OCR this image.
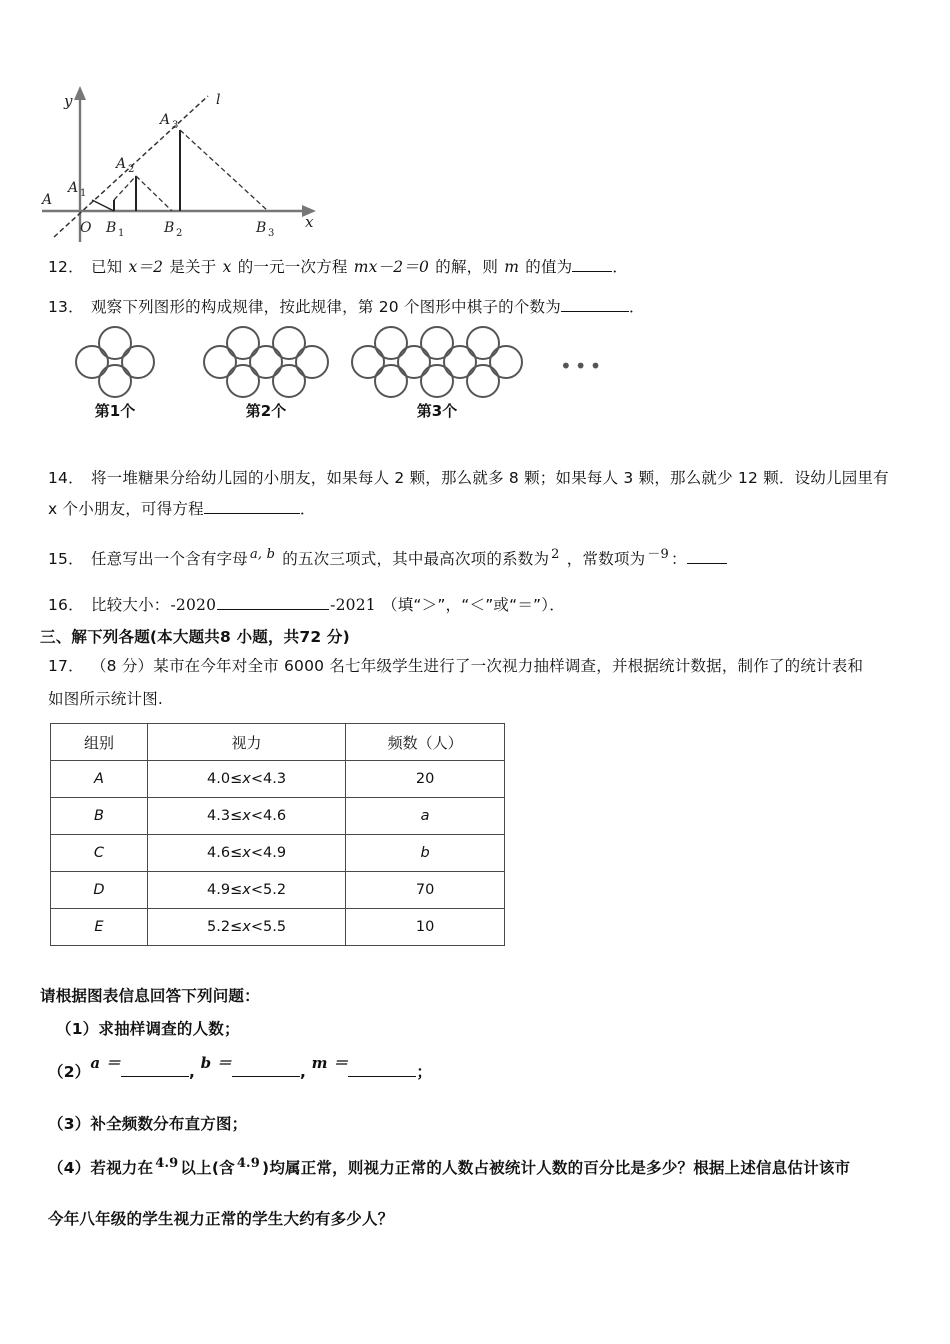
y
x
l
O
A
A 1
A 2
A 3
B 1	B 2	B 3
12． 已知 x＝2 是关于 x 的一元一次方程 mx－2＝0 的解，则 m 的值为	．
13． 观察下列图形的构成规律，按此规律，第 20 个图形中棋子的个数为	．
第1个	第2个	第3个
•••
14． 将一堆糖果分给幼儿园的小朋友，如果每人 2 颗，那么就多 8 颗；如果每人 3 颗，那么就少 12 颗．设幼儿园里有
x 个小朋友，可得方程	．
15． 任意写出一个含有字母 $^{a, b}$ 的五次三项式，其中最高次项的系数为 $^2$ ，常数项为 $^{-9}$ ：
16． 比较大小：-2020	-2021 （填“＞”，“＜”或“＝”）．
三、解下列各题(本大题共8 小题，共72 分)
17． （8 分）某市在今年对全市 6000 名七年级学生进行了一次视力抽样调查，并根据统计数据，制作了的统计表和
如图所示统计图.
组别	视力	频数（人）
A	4.0≤x<4.3	20
B	4.3≤x<4.6	a
C	4.6≤x<4.9	b
D	4.9≤x<5.2	70
E	5.2≤x<5.5	10
请根据图表信息回答下列问题：
（1）求抽样调查的人数；
（2）a ＝	, b ＝	, m ＝	；
（3）补全频数分布直方图；
（4）若视力在 $^{4.9}$ 以上(含 $^{4.9}$ )均属正常，则视力正常的人数占被统计人数的百分比是多少？根据上述信息估计该市
今年八年级的学生视力正常的学生大约有多少人？
